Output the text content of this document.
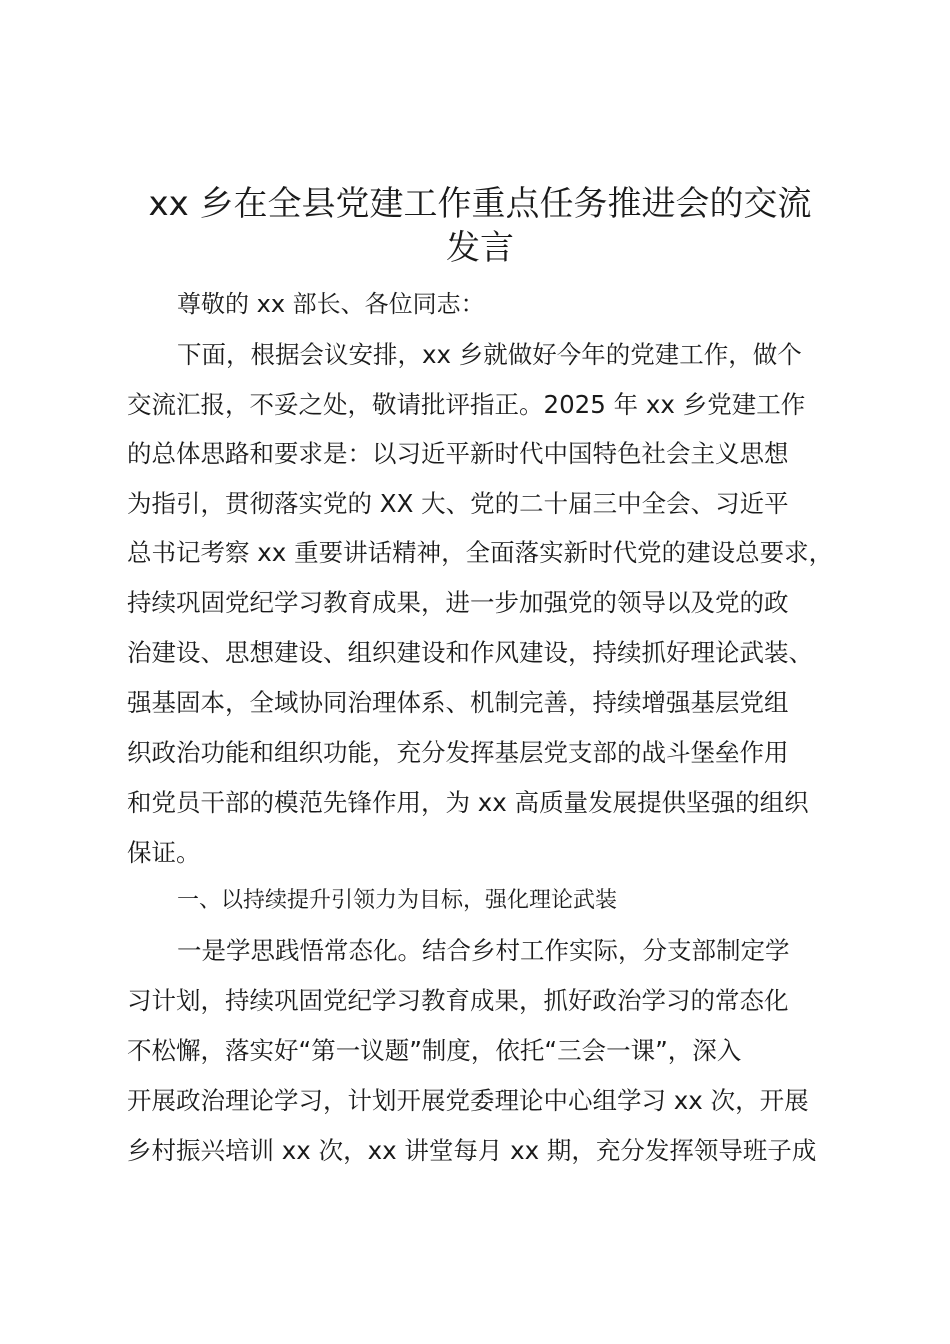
xx 乡在全县党建工作重点任务推进会的交流
发言

尊敬的 xx 部长、各位同志：

下面，根据会议安排，xx 乡就做好今年的党建工作，做个

交流汇报，不妥之处，敬请批评指正。2025 年 xx 乡党建工作

的总体思路和要求是：以习近平新时代中国特色社会主义思想

为指引，贯彻落实党的 XX 大、党的二十届三中全会、习近平

总书记考察 xx 重要讲话精神，全面落实新时代党的建设总要求，

持续巩固党纪学习教育成果，进一步加强党的领导以及党的政

治建设、思想建设、组织建设和作风建设，持续抓好理论武装、

强基固本，全域协同治理体系、机制完善，持续增强基层党组

织政治功能和组织功能，充分发挥基层党支部的战斗堡垒作用

和党员干部的模范先锋作用，为 xx 高质量发展提供坚强的组织

保证。

一、以持续提升引领力为目标，强化理论武装

一是学思践悟常态化。结合乡村工作实际，分支部制定学

习计划，持续巩固党纪学习教育成果，抓好政治学习的常态化

不松懈，落实好“第一议题”制度，依托“三会一课”，深入

开展政治理论学习，计划开展党委理论中心组学习 xx 次，开展

乡村振兴培训 xx 次，xx 讲堂每月 xx 期，充分发挥领导班子成
